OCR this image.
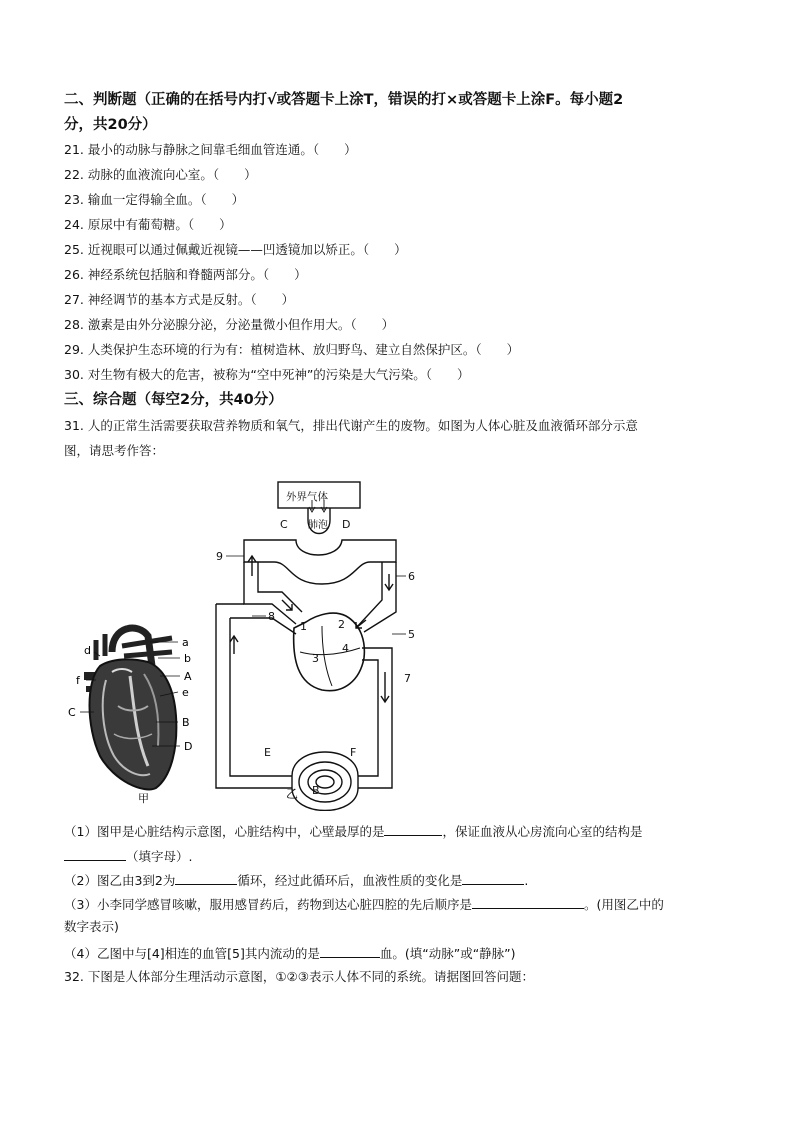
二、判断题（正确的在括号内打√或答题卡上涂T，错误的打×或答题卡上涂F。每小题2
分，共20分）
21. 最小的动脉与静脉之间靠毛细血管连通。（　　）
22. 动脉的血液流向心室。（　　）
23. 输血一定得输全血。（　　）
24. 原尿中有葡萄糖。（　　）
25. 近视眼可以通过佩戴近视镜——凹透镜加以矫正。（　　）
26. 神经系统包括脑和脊髓两部分。（　　）
27. 神经调节的基本方式是反射。（　　）
28. 激素是由外分泌腺分泌，分泌量微小但作用大。（　　）
29. 人类保护生态环境的行为有：植树造林、放归野鸟、建立自然保护区。（　　）
30. 对生物有极大的危害，被称为“空中死神”的污染是大气污染。（　　）
三、综合题（每空2分，共40分）
31. 人的正常生活需要获取营养物质和氧气，排出代谢产生的废物。如图为人体心脏及血液循环部分示意
图，请思考作答：
a
b
A
e
B
D
d
f
C
甲
外界气体
肺泡
C	D
E	F
B
1	2
3
4
5
6
7
8
9
乙
（1）图甲是心脏结构示意图，心脏结构中，心壁最厚的是	，保证血液从心房流向心室的结构是
（填字母）.
（2）图乙由3到2为	循环，经过此循环后，血液性质的变化是	.
（3）小李同学感冒咳嗽，服用感冒药后，药物到达心脏四腔的先后顺序是	。(用图乙中的
数字表示)
（4）乙图中与[4]相连的血管[5]其内流动的是	血。(填“动脉”或“静脉”)
32. 下图是人体部分生理活动示意图，①②③表示人体不同的系统。请据图回答问题：
